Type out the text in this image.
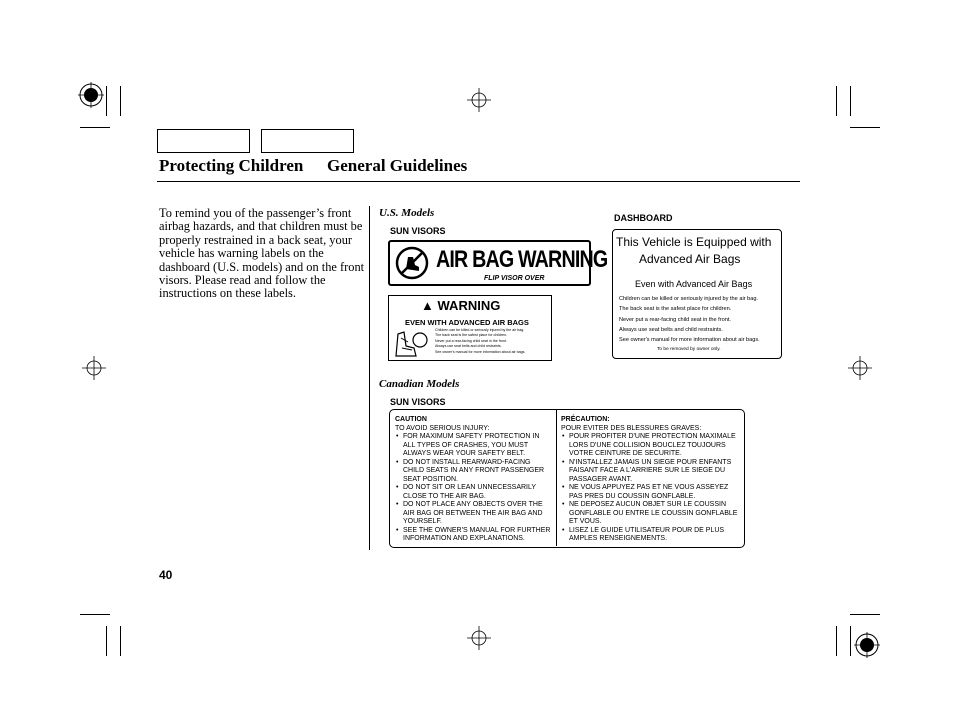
Protecting Children General Guidelines
To remind you of the passenger’s front airbag hazards, and that children must be properly restrained in a back seat, your vehicle has warning labels on the dashboard (U.S. models) and on the front visors. Please read and follow the instructions on these labels.
U.S. Models
SUN VISORS
DASHBOARD
AIR BAG WARNING
FLIP VISOR OVER
▲ WARNING
EVEN WITH ADVANCED AIR BAGS
Children can be killed or seriously injured by the air bag.
The back seat is the safest place for children.
Never put a rear-facing child seat in the front.
Always use seat belts and child restraints.
See owner's manual for more information about air bags.
This Vehicle is Equipped with
Advanced Air Bags
Even with Advanced Air Bags
Children can be killed or seriously injured by the air bag.
The back seat is the safest place for children.
Never put a rear-facing child seat in the front.
Always use seat belts and child restraints.
See owner's manual for more information about air bags.
To be removed by owner only.
Canadian Models
SUN VISORS
CAUTION
TO AVOID SERIOUS INJURY:
• FOR MAXIMUM SAFETY PROTECTION IN ALL TYPES OF CRASHES, YOU MUST ALWAYS WEAR YOUR SAFETY BELT.
• DO NOT INSTALL REARWARD-FACING CHILD SEATS IN ANY FRONT PASSENGER SEAT POSITION.
• DO NOT SIT OR LEAN UNNECESSARILY CLOSE TO THE AIR BAG.
• DO NOT PLACE ANY OBJECTS OVER THE AIR BAG OR BETWEEN THE AIR BAG AND YOURSELF.
• SEE THE OWNER'S MANUAL FOR FURTHER INFORMATION AND EXPLANATIONS.
PRÉCAUTION:
POUR EVITER DES BLESSURES GRAVES:
• POUR PROFITER D'UNE PROTECTION MAXIMALE LORS D'UNE COLLISION BOUCLEZ TOUJOURS VOTRE CEINTURE DE SECURITE.
• N'INSTALLEZ JAMAIS UN SIEGE POUR ENFANTS FAISANT FACE A L'ARRIERE SUR LE SIEGE DU PASSAGER AVANT.
• NE VOUS APPUYEZ PAS ET NE VOUS ASSEYEZ PAS PRES DU COUSSIN GONFLABLE.
• NE DEPOSEZ AUCUN OBJET SUR LE COUSSIN GONFLABLE OU ENTRE LE COUSSIN GONFLABLE ET VOUS.
• LISEZ LE GUIDE UTILISATEUR POUR DE PLUS AMPLES RENSEIGNEMENTS.
40
